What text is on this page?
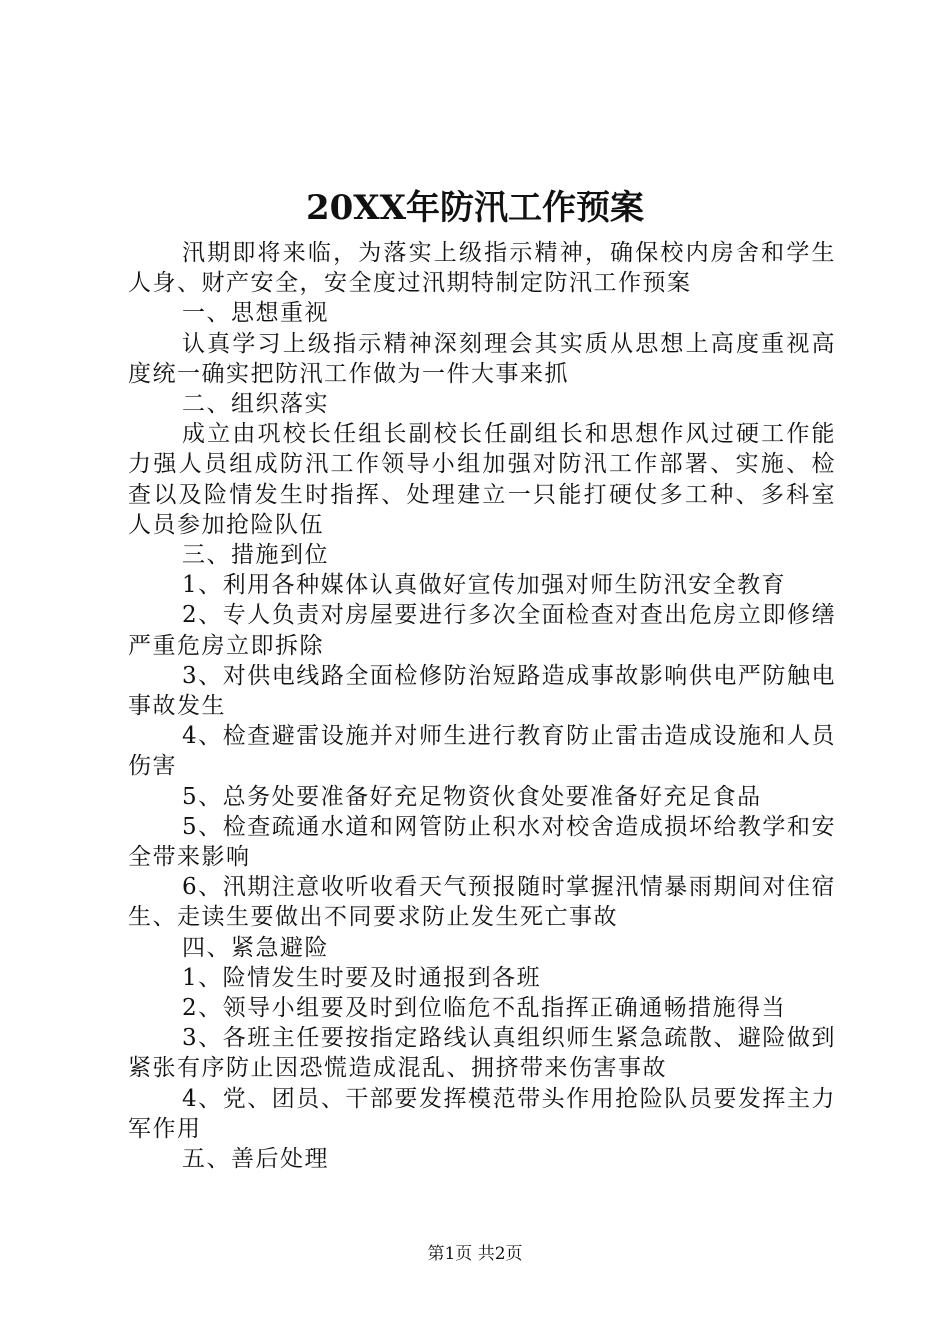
20XX年防汛工作预案

汛期即将来临，为落实上级指示精神，确保校内房舍和学生人身、财产安全，安全度过汛期特制定防汛工作预案

一、思想重视

认真学习上级指示精神深刻理会其实质从思想上高度重视高度统一确实把防汛工作做为一件大事来抓

二、组织落实

成立由巩校长任组长副校长任副组长和思想作风过硬工作能力强人员组成防汛工作领导小组加强对防汛工作部署、实施、检查以及险情发生时指挥、处理建立一只能打硬仗多工种、多科室人员参加抢险队伍

三、措施到位

1、利用各种媒体认真做好宣传加强对师生防汛安全教育

2、专人负责对房屋要进行多次全面检查对查出危房立即修缮严重危房立即拆除

3、对供电线路全面检修防治短路造成事故影响供电严防触电事故发生

4、检查避雷设施并对师生进行教育防止雷击造成设施和人员伤害

5、总务处要准备好充足物资伙食处要准备好充足食品

5、检查疏通水道和网管防止积水对校舍造成损坏给教学和安全带来影响

6、汛期注意收听收看天气预报随时掌握汛情暴雨期间对住宿生、走读生要做出不同要求防止发生死亡事故

四、紧急避险

1、险情发生时要及时通报到各班

2、领导小组要及时到位临危不乱指挥正确通畅措施得当

3、各班主任要按指定路线认真组织师生紧急疏散、避险做到紧张有序防止因恐慌造成混乱、拥挤带来伤害事故

4、党、团员、干部要发挥模范带头作用抢险队员要发挥主力军作用

五、善后处理

第1页 共2页
